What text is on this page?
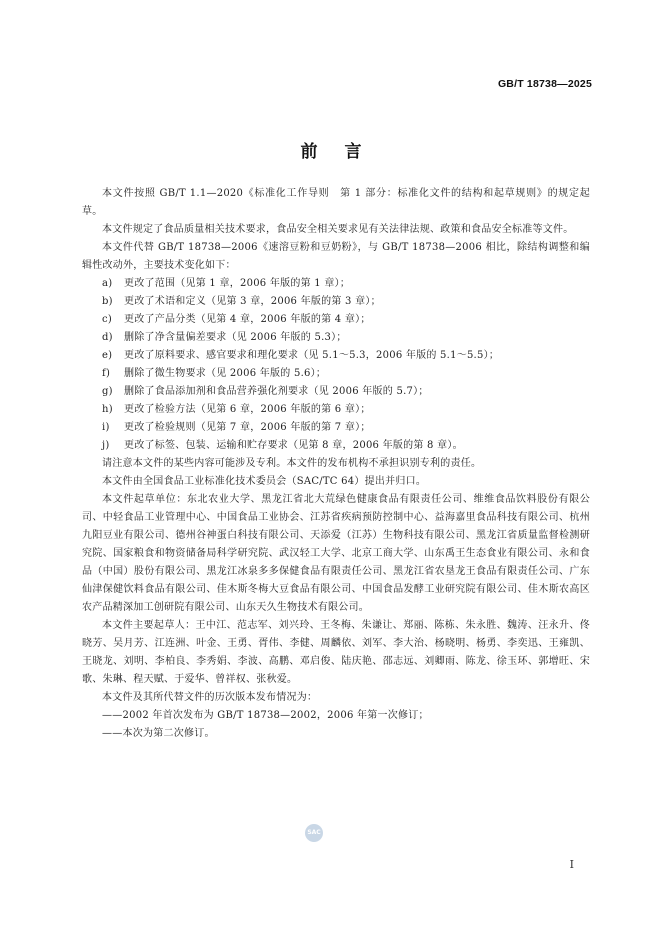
GB/T 18738—2025
前言

本文件按照 GB/T 1.1—2020《标准化工作导则　第 1 部分：标准化文件的结构和起草规则》的规定起草。

本文件规定了食品质量相关技术要求，食品安全相关要求见有关法律法规、政策和食品安全标准等文件。

本文件代替 GB/T 18738—2006《速溶豆粉和豆奶粉》，与 GB/T 18738—2006 相比，除结构调整和编辑性改动外，主要技术变化如下：

a) 更改了范围（见第 1 章，2006 年版的第 1 章）；

b) 更改了术语和定义（见第 3 章，2006 年版的第 3 章）；

c) 更改了产品分类（见第 4 章，2006 年版的第 4 章）；

d) 删除了净含量偏差要求（见 2006 年版的 5.3）；

e) 更改了原料要求、感官要求和理化要求（见 5.1～5.3，2006 年版的 5.1～5.5）；

f) 删除了微生物要求（见 2006 年版的 5.6）；

g) 删除了食品添加剂和食品营养强化剂要求（见 2006 年版的 5.7）；

h) 更改了检验方法（见第 6 章，2006 年版的第 6 章）；

i) 更改了检验规则（见第 7 章，2006 年版的第 7 章）；

j) 更改了标签、包装、运输和贮存要求（见第 8 章，2006 年版的第 8 章）。

请注意本文件的某些内容可能涉及专利。本文件的发布机构不承担识别专利的责任。

本文件由全国食品工业标准化技术委员会（SAC/TC 64）提出并归口。

本文件起草单位：东北农业大学、黑龙江省北大荒绿色健康食品有限责任公司、维维食品饮料股份有限公司、中轻食品工业管理中心、中国食品工业协会、江苏省疾病预防控制中心、益海嘉里食品科技有限公司、杭州九阳豆业有限公司、德州谷神蛋白科技有限公司、天添爱（江苏）生物科技有限公司、黑龙江省质量监督检测研究院、国家粮食和物资储备局科学研究院、武汉轻工大学、北京工商大学、山东禹王生态食业有限公司、永和食品（中国）股份有限公司、黑龙江冰泉多多保健食品有限责任公司、黑龙江省农垦龙王食品有限责任公司、广东仙津保健饮料食品有限公司、佳木斯冬梅大豆食品有限公司、中国食品发酵工业研究院有限公司、佳木斯农高区农产品精深加工创研院有限公司、山东天久生物技术有限公司。

本文件主要起草人：王中江、范志军、刘兴玲、王冬梅、朱谦让、郑丽、陈栋、朱永胜、魏涛、汪永升、佟晓芳、吴月芳、江连洲、叶金、王勇、胥伟、李健、周麟依、刘军、李大治、杨晓明、杨勇、李奕迅、王雍凯、王晓龙、刘明、李柏良、李秀娟、李波、高鹏、邓启俊、陆庆艳、邵志远、刘卿雨、陈龙、徐玉环、郭增旺、宋歌、朱琳、程天赋、于爱华、曾祥权、张秋爱。

本文件及其所代替文件的历次版本发布情况为：

——2002 年首次发布为 GB/T 18738—2002，2006 年第一次修订；

——本次为第二次修订。

SAC
I
